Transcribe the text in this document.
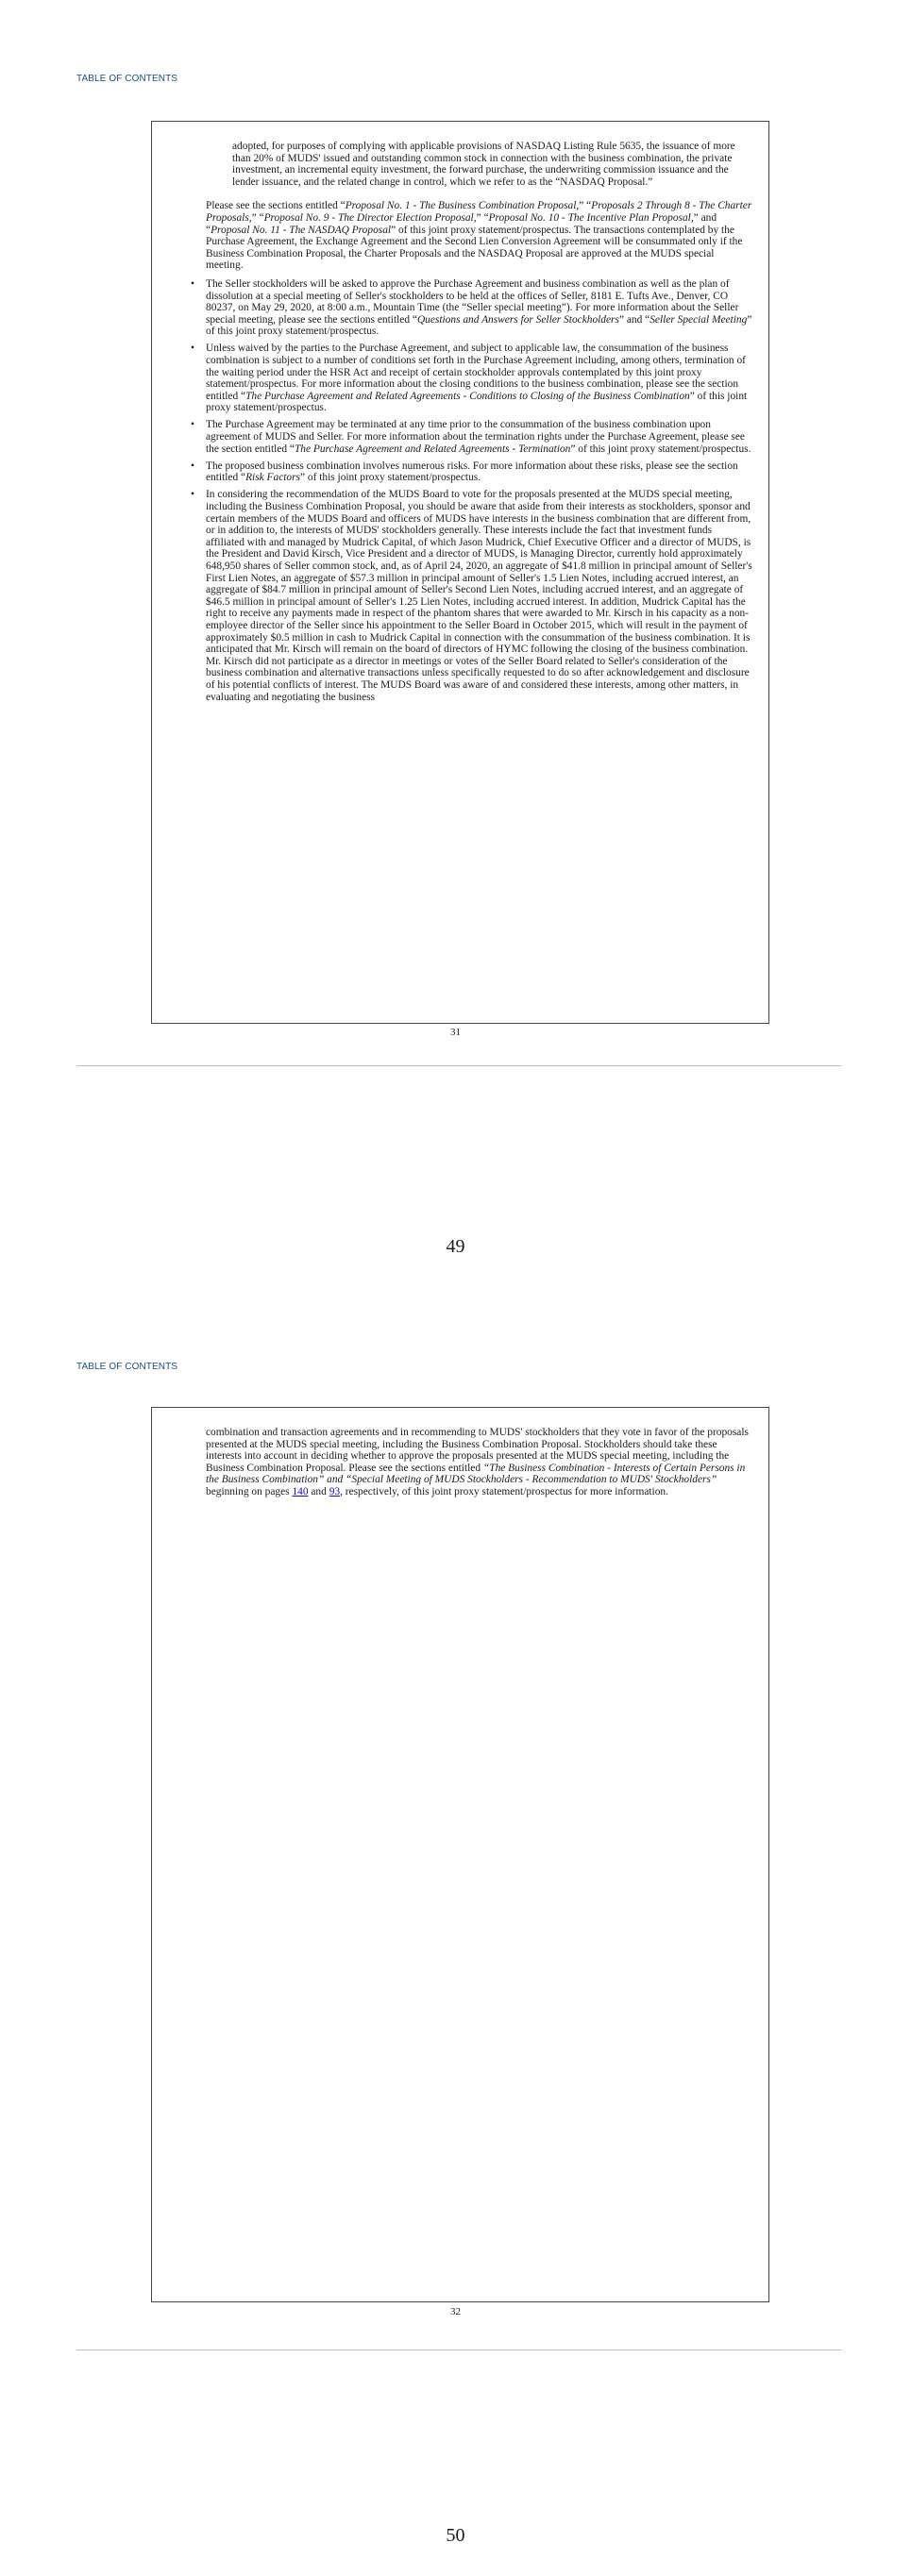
TABLE OF CONTENTS

adopted, for purposes of complying with applicable provisions of NASDAQ Listing Rule 5635, the issuance of more than 20% of MUDS' issued and outstanding common stock in connection with the business combination, the private investment, an incremental equity investment, the forward purchase, the underwriting commission issuance and the lender issuance, and the related change in control, which we refer to as the “NASDAQ Proposal.”

Please see the sections entitled “Proposal No. 1 - The Business Combination Proposal,” “Proposals 2 Through 8 - The Charter Proposals,” “Proposal No. 9 - The Director Election Proposal,” “Proposal No. 10 - The Incentive Plan Proposal,” and “Proposal No. 11 - The NASDAQ Proposal” of this joint proxy statement/prospectus. The transactions contemplated by the Purchase Agreement, the Exchange Agreement and the Second Lien Conversion Agreement will be consummated only if the Business Combination Proposal, the Charter Proposals and the NASDAQ Proposal are approved at the MUDS special meeting.

• The Seller stockholders will be asked to approve the Purchase Agreement and business combination as well as the plan of dissolution at a special meeting of Seller's stockholders to be held at the offices of Seller, 8181 E. Tufts Ave., Denver, CO 80237, on May 29, 2020, at 8:00 a.m., Mountain Time (the “Seller special meeting”). For more information about the Seller special meeting, please see the sections entitled “Questions and Answers for Seller Stockholders” and “Seller Special Meeting” of this joint proxy statement/prospectus.
• Unless waived by the parties to the Purchase Agreement, and subject to applicable law, the consummation of the business combination is subject to a number of conditions set forth in the Purchase Agreement including, among others, termination of the waiting period under the HSR Act and receipt of certain stockholder approvals contemplated by this joint proxy statement/prospectus. For more information about the closing conditions to the business combination, please see the section entitled “The Purchase Agreement and Related Agreements - Conditions to Closing of the Business Combination” of this joint proxy statement/prospectus.
• The Purchase Agreement may be terminated at any time prior to the consummation of the business combination upon agreement of MUDS and Seller. For more information about the termination rights under the Purchase Agreement, please see the section entitled “The Purchase Agreement and Related Agreements - Termination” of this joint proxy statement/prospectus.
• The proposed business combination involves numerous risks. For more information about these risks, please see the section entitled “Risk Factors” of this joint proxy statement/prospectus.
• In considering the recommendation of the MUDS Board to vote for the proposals presented at the MUDS special meeting, including the Business Combination Proposal, you should be aware that aside from their interests as stockholders, sponsor and certain members of the MUDS Board and officers of MUDS have interests in the business combination that are different from, or in addition to, the interests of MUDS' stockholders generally. These interests include the fact that investment funds affiliated with and managed by Mudrick Capital, of which Jason Mudrick, Chief Executive Officer and a director of MUDS, is the President and David Kirsch, Vice President and a director of MUDS, is Managing Director, currently hold approximately 648,950 shares of Seller common stock, and, as of April 24, 2020, an aggregate of $41.8 million in principal amount of Seller's First Lien Notes, an aggregate of $57.3 million in principal amount of Seller's 1.5 Lien Notes, including accrued interest, an aggregate of $84.7 million in principal amount of Seller's Second Lien Notes, including accrued interest, and an aggregate of $46.5 million in principal amount of Seller's 1.25 Lien Notes, including accrued interest. In addition, Mudrick Capital has the right to receive any payments made in respect of the phantom shares that were awarded to Mr. Kirsch in his capacity as a non-employee director of the Seller since his appointment to the Seller Board in October 2015, which will result in the payment of approximately $0.5 million in cash to Mudrick Capital in connection with the consummation of the business combination. It is anticipated that Mr. Kirsch will remain on the board of directors of HYMC following the closing of the business combination. Mr. Kirsch did not participate as a director in meetings or votes of the Seller Board related to Seller's consideration of the business combination and alternative transactions unless specifically requested to do so after acknowledgement and disclosure of his potential conflicts of interest. The MUDS Board was aware of and considered these interests, among other matters, in evaluating and negotiating the business
31
49
TABLE OF CONTENTS

combination and transaction agreements and in recommending to MUDS' stockholders that they vote in favor of the proposals presented at the MUDS special meeting, including the Business Combination Proposal. Stockholders should take these interests into account in deciding whether to approve the proposals presented at the MUDS special meeting, including the Business Combination Proposal. Please see the sections entitled “The Business Combination - Interests of Certain Persons in the Business Combination” and “Special Meeting of MUDS Stockholders - Recommendation to MUDS' Stockholders” beginning on pages 140 and 93, respectively, of this joint proxy statement/prospectus for more information.

32
50
